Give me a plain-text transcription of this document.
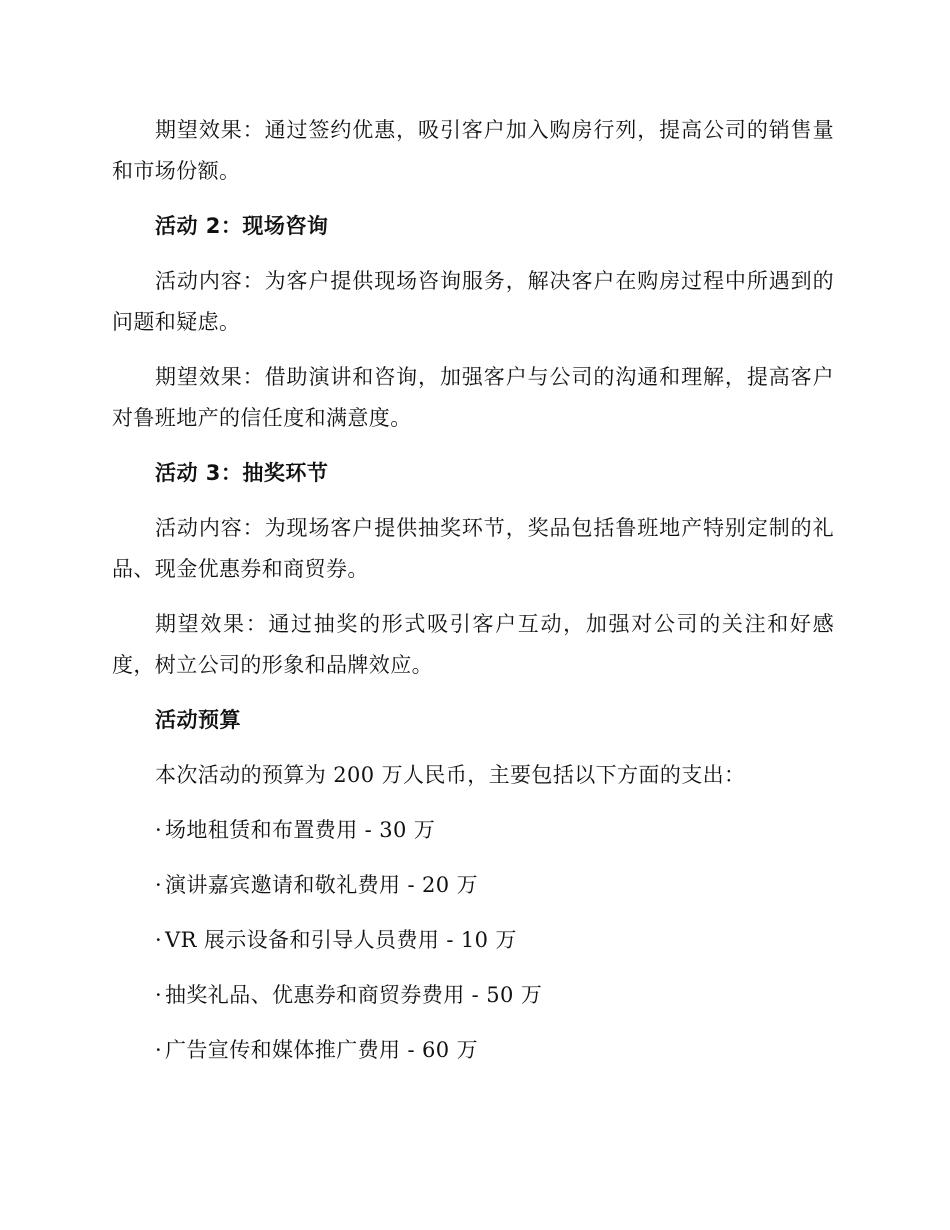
期望效果：通过签约优惠，吸引客户加入购房行列，提高公司的销售量和市场份额。

活动 2：现场咨询

活动内容：为客户提供现场咨询服务，解决客户在购房过程中所遇到的问题和疑虑。

期望效果：借助演讲和咨询，加强客户与公司的沟通和理解，提高客户对鲁班地产的信任度和满意度。

活动 3：抽奖环节

活动内容：为现场客户提供抽奖环节，奖品包括鲁班地产特别定制的礼品、现金优惠券和商贸券。

期望效果：通过抽奖的形式吸引客户互动，加强对公司的关注和好感度，树立公司的形象和品牌效应。

活动预算

本次活动的预算为 200 万人民币，主要包括以下方面的支出：

· 场地租赁和布置费用 - 30 万
· 演讲嘉宾邀请和敬礼费用 - 20 万
· VR 展示设备和引导人员费用 - 10 万
· 抽奖礼品、优惠券和商贸券费用 - 50 万
· 广告宣传和媒体推广费用 - 60 万
